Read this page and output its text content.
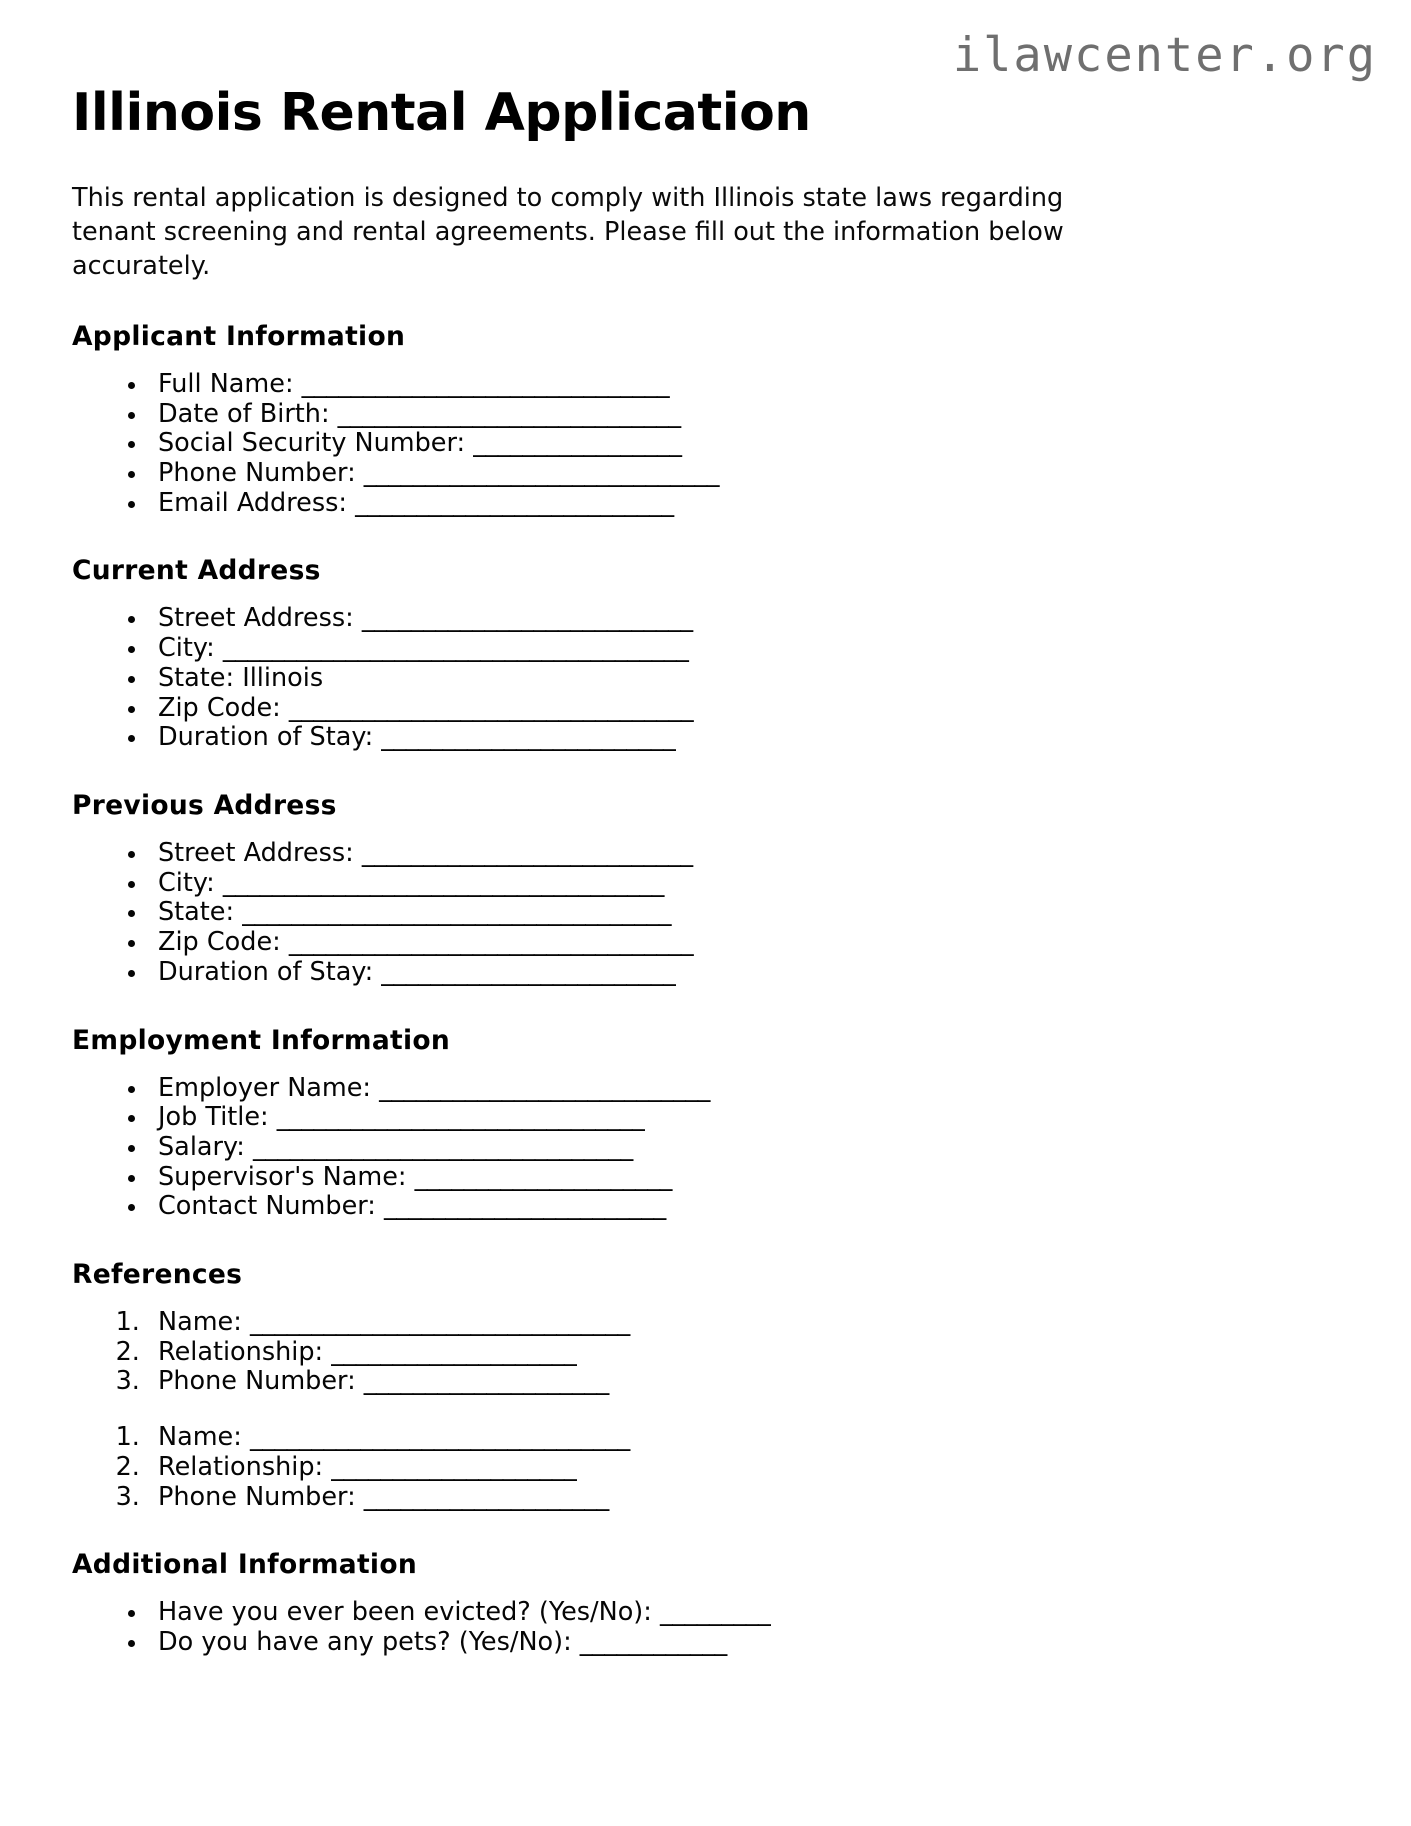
ilawcenter.org
Illinois Rental Application

This rental application is designed to comply with Illinois state laws regarding tenant screening and rental agreements. Please fill out the information below accurately.

Applicant Information
• Full Name: ______________________________
• Date of Birth: ____________________________
• Social Security Number: _________________
• Phone Number: _____________________________
• Email Address: __________________________
Current Address
• Street Address: ___________________________
• City: ______________________________________
• State: Illinois
• Zip Code: _________________________________
• Duration of Stay: ________________________
Previous Address
• Street Address: ___________________________
• City: ____________________________________
• State: ___________________________________
• Zip Code: _________________________________
• Duration of Stay: ________________________
Employment Information
• Employer Name: ___________________________
• Job Title: ______________________________
• Salary: _______________________________
• Supervisor's Name: _____________________
• Contact Number: _______________________
References
1. Name: _______________________________
2. Relationship: ____________________
3. Phone Number: ____________________
1. Name: _______________________________
2. Relationship: ____________________
3. Phone Number: ____________________
Additional Information
• Have you ever been evicted? (Yes/No): _________
• Do you have any pets? (Yes/No): ____________
